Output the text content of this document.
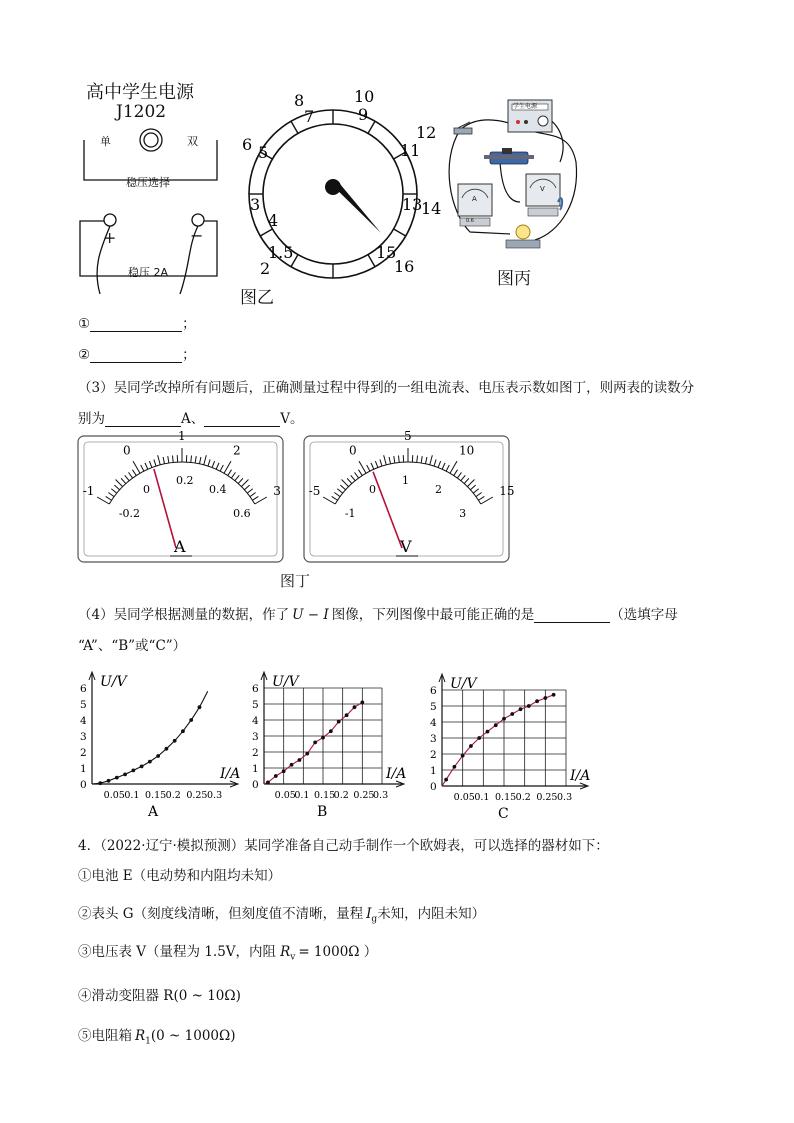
高中学生电源
J1202
单	双
稳压选择
+	−
稳压 2A
8
7
10
9
6 5
12
11
3	13
14
4
1.5	15
2	16
图乙
学生电源
A
V
0.6
图丙
①	；
②	；
（3）吴同学改掉所有问题后，正确测量过程中得到的一组电流表、电压表示数如图丁，则两表的读数分
别为	A、	V。
0
1
2
3
-1	0
0.2
0.4
0.6
-0.2
A
0
5
10
15
-5	0
1
2
3
-1
V
图丁
（4）吴同学根据测量的数据，作了 U − I 图像，下列图像中最可能正确的是	（选填字母
“A”、“B”或“C”）
0
1
2
3
4
5
6
0.05 0.1 0.15 0.2 0.25 0.3
U/V
I/A
A
0
1
2
3
4
5
6
0.05
0.1 0.15
0.2 0.25
0.3
U/V
I/A
B
0
1
2
3
4
5
6
0.05 0.1 0.15 0.2 0.25 0.3
U/V
I/A
C
4．（2022·辽宁·模拟预测）某同学准备自己动手制作一个欧姆表，可以选择的器材如下：
①电池 E（电动势和内阻均未知）
②表头 G（刻度线清晰，但刻度值不清晰，量程 $I_g$未知，内阻未知）
③电压表 V（量程为 1.5V，内阻 $R_v = 1000\Omega$ ）
④滑动变阻器 R(0 ~ 10Ω)
⑤电阻箱 $R_1(0$ ~ 1000Ω)
